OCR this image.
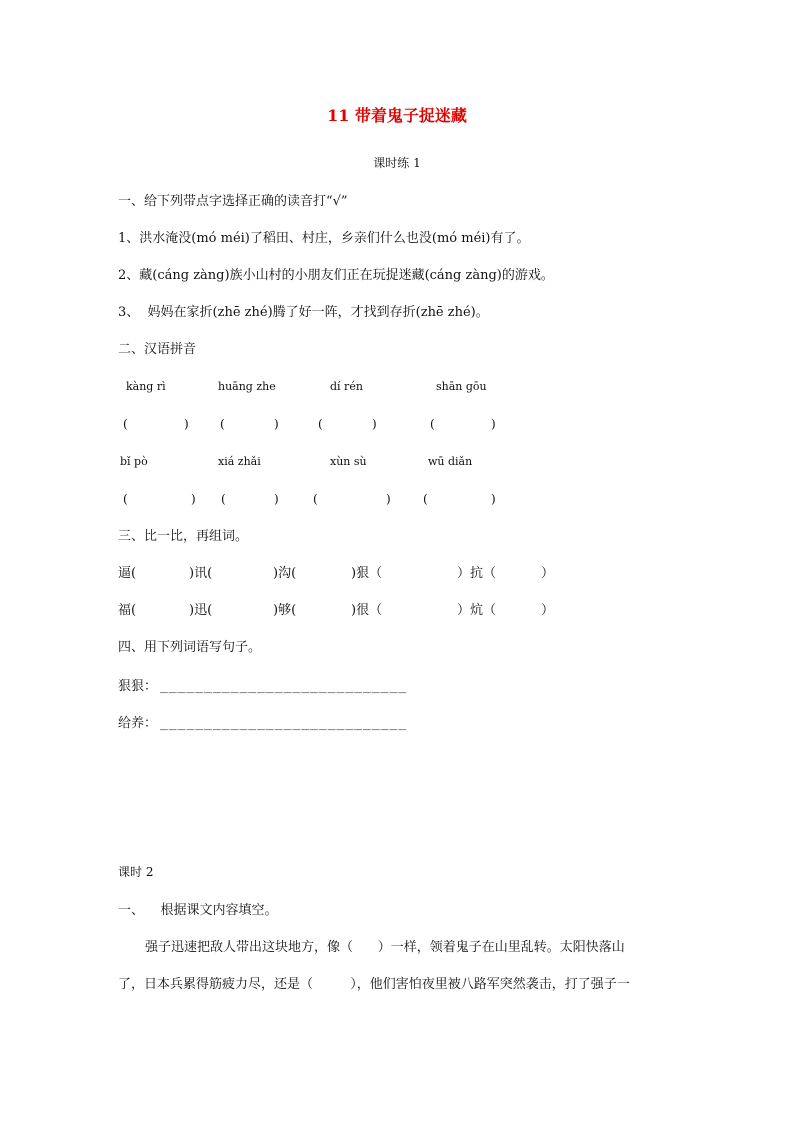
11 带着鬼子捉迷藏
课时练 1
一、给下列带点字选择正确的读音打“√”
1、洪水淹没(mó méi)了稻田、村庄，乡亲们什么也没(mó méi)有了。
2、藏(cáng zàng)族小山村的小朋友们正在玩捉迷藏(cáng zàng)的游戏。
3、  妈妈在家折(zhē zhé)腾了好一阵，才找到存折(zhē zhé)。
二、汉语拼音
kàng rì	huāng zhe	dí rén	shān gōu
(	)	(	)	(	)	(	)
bǐ pò	xiá zhǎi	xùn sù	wū diǎn
(	) (	)	(	)	(	)
三、比一比，再组词。
逼(	)讯(	)沟(	)狠（	）抗（	）
福(	)迅(	)够(	)很（	）炕（	）
四、用下列词语写句子。
狠狠： ____________________________
给养： ____________________________
课时 2
一、    根据课文内容填空。
强子迅速把敌人带出这块地方，像（      ）一样，领着鬼子在山里乱转。太阳快落山
了，日本兵累得筋疲力尽，还是（         ），他们害怕夜里被八路军突然袭击，打了强子一
